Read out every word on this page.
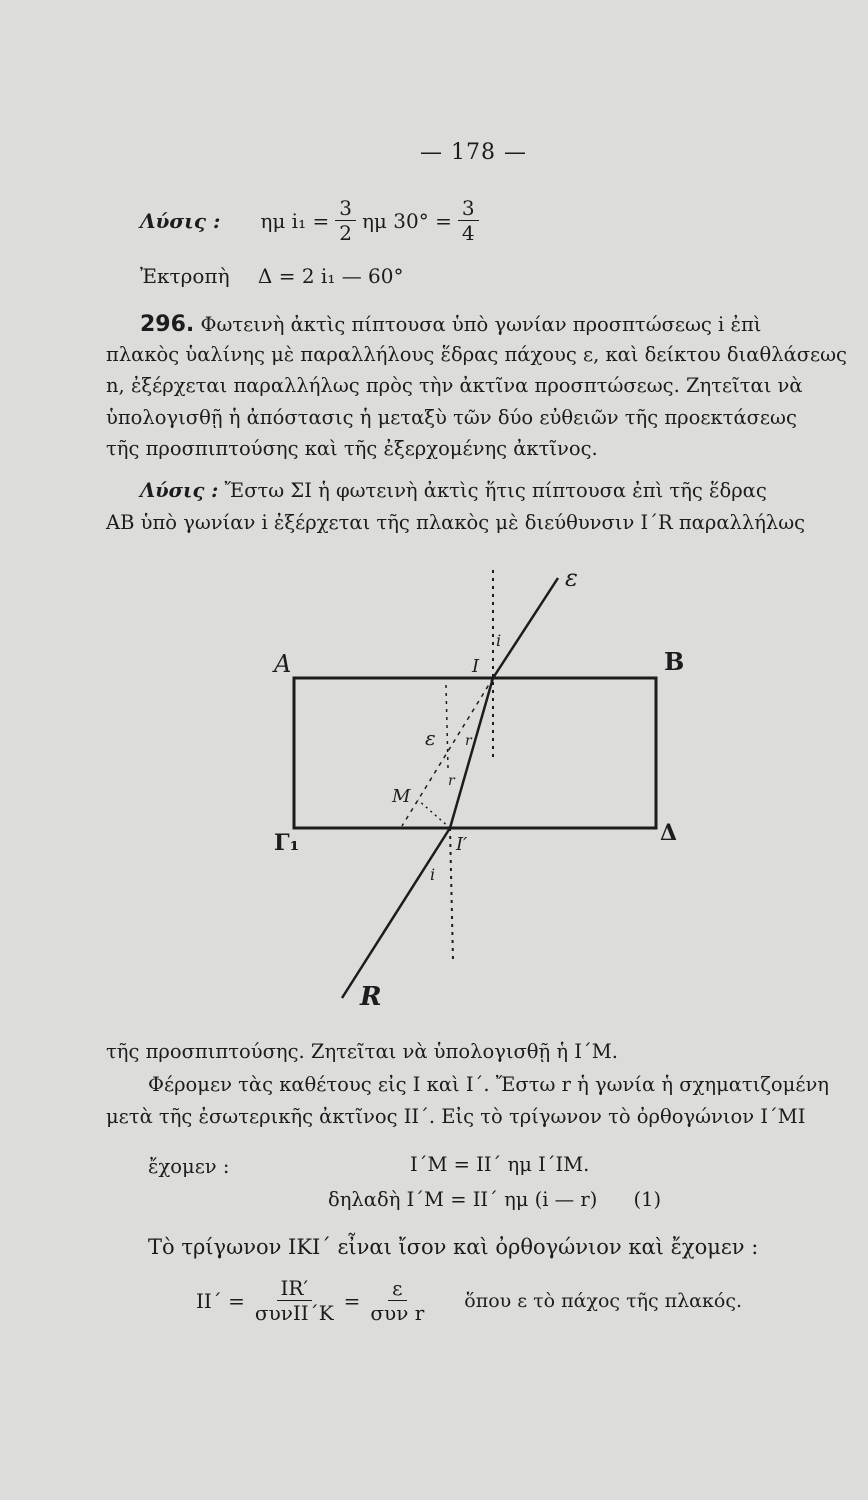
— 178 —
Λύσις : ημ $i_1 = \frac{3}{2}$ ημ $30^\circ = \frac{3}{4}$
Ἐκτροπὴ Δ = 2 i₁ — 60°
296. Φωτεινὴ ἀκτὶς πίπτουσα ὑπὸ γωνίαν προσπτώσεως i ἐπὶ
πλακὸς ὑαλίνης μὲ παραλλήλους ἕδρας πάχους ε, καὶ δείκτου διαθλάσεως
n, ἐξέρχεται παραλλήλως πρὸς τὴν ἀκτῖνα προσπτώσεως. Ζητεῖται νὰ
ὑπολογισθῇ ἡ ἀπόστασις ἡ μεταξὺ τῶν δύο εὐθειῶν τῆς προεκτάσεως
τῆς προσπιπτούσης καὶ τῆς ἐξερχομένης ἀκτῖνος.
Λύσις : Ἔστω ΣΙ ἡ φωτεινὴ ἀκτὶς ἥτις πίπτουσα ἐπὶ τῆς ἕδρας
ΑΒ ὑπὸ γωνίαν i ἐξέρχεται τῆς πλακὸς μὲ διεύθυνσιν Ι΄R παραλλήλως
ε
i
A	B
Ι
ε r
r
M
Γ₁	Δ
Ι′
i
R
τῆς προσπιπτούσης. Ζητεῖται νὰ ὑπολογισθῇ ἡ Ι΄Μ.
Φέρομεν τὰς καθέτους εἰς Ι καὶ Ι΄. Ἔστω r ἡ γωνία ἡ σχηματιζομένη
μετὰ τῆς ἐσωτερικῆς ἀκτῖνος ΙΙ΄. Εἰς τὸ τρίγωνον τὸ ὀρθογώνιον Ι΄ΜΙ
ἔχομεν :	Ι΄Μ = ΙΙ΄ ημ Ι΄ΙΜ.
δηλαδὴ Ι΄Μ = ΙΙ΄ ημ (i — r) (1)
Τὸ τρίγωνον ΙΚΙ΄ εἶναι ἴσον καὶ ὀρθογώνιον καὶ ἔχομεν :
$II΄ = \frac{IR'}{\text{συνΙΙ΄Κ}} = \frac{\varepsilon}{\text{συν r}}$ ὅπου ε τὸ πάχος τῆς πλακός.
